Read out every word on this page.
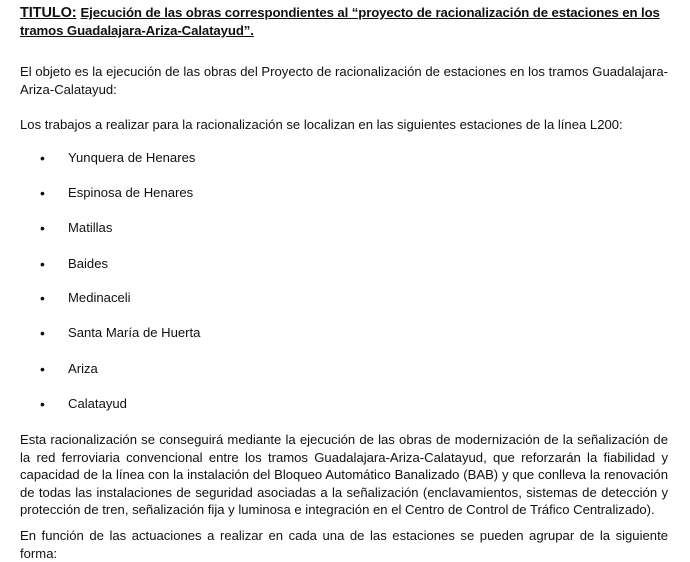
TITULO: Ejecución de las obras correspondientes al “proyecto de racionalización de estaciones en los tramos Guadalajara-Ariza-Calatayud”.

El objeto es la ejecución de las obras del Proyecto de racionalización de estaciones en los tramos Guadalajara-Ariza-Calatayud:

Los trabajos a realizar para la racionalización se localizan en las siguientes estaciones de la línea L200:

• Yunquera de Henares
• Espinosa de Henares
• Matillas
• Baides
• Medinaceli
• Santa María de Huerta
• Ariza
• Calatayud

Esta racionalización se conseguirá mediante la ejecución de las obras de modernización de la señalización de la red ferroviaria convencional entre los tramos Guadalajara-Ariza-Calatayud, que reforzarán la fiabilidad y capacidad de la línea con la instalación del Bloqueo Automático Banalizado (BAB) y que conlleva la renovación de todas las instalaciones de seguridad asociadas a la señalización (enclavamientos, sistemas de detección y protección de tren, señalización fija y luminosa e integración en el Centro de Control de Tráfico Centralizado).

En función de las actuaciones a realizar en cada una de las estaciones se pueden agrupar de la siguiente forma:
